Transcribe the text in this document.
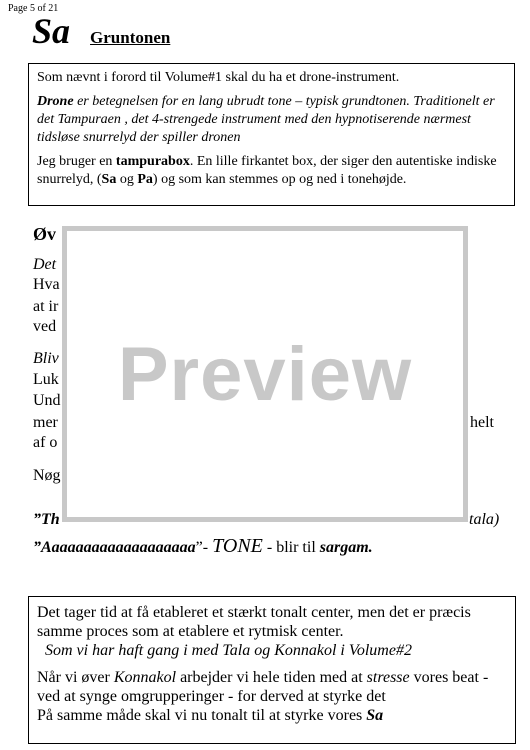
Page 5 of 21
Sa Gruntonen

Som nævnt i forord til Volume#1 skal du ha et drone-instrument.

Drone er betegnelsen for en lang ubrudt tone – typisk grundtonen. Traditionelt er det Tampuraen , det 4-strengede instrument med den hypnotiserende nærmest tidsløse snurrelyd der spiller dronen

Jeg bruger en tampurabox. En lille firkantet box, der siger den autentiske indiske snurrelyd, (Sa og Pa) og som kan stemmes op og ned i tonehøjde.

Øv
Det
Hva
at ir
ved
Bliv
Luk
Und
mer
af o
Nøg
helt
”Th	tala)
Preview
”Aaaaaaaaaaaaaaaaaaa”- TONE - blir til sargam.

Det tager tid at få etableret et stærkt tonalt center, men det er præcis samme proces som at etablere et rytmisk center.
Som vi har haft gang i med Tala og Konnakol i Volume#2

Når vi øver Konnakol arbejder vi hele tiden med at stresse vores beat - ved at synge omgrupperinger - for derved at styrke det
På samme måde skal vi nu tonalt til at styrke vores Sa
